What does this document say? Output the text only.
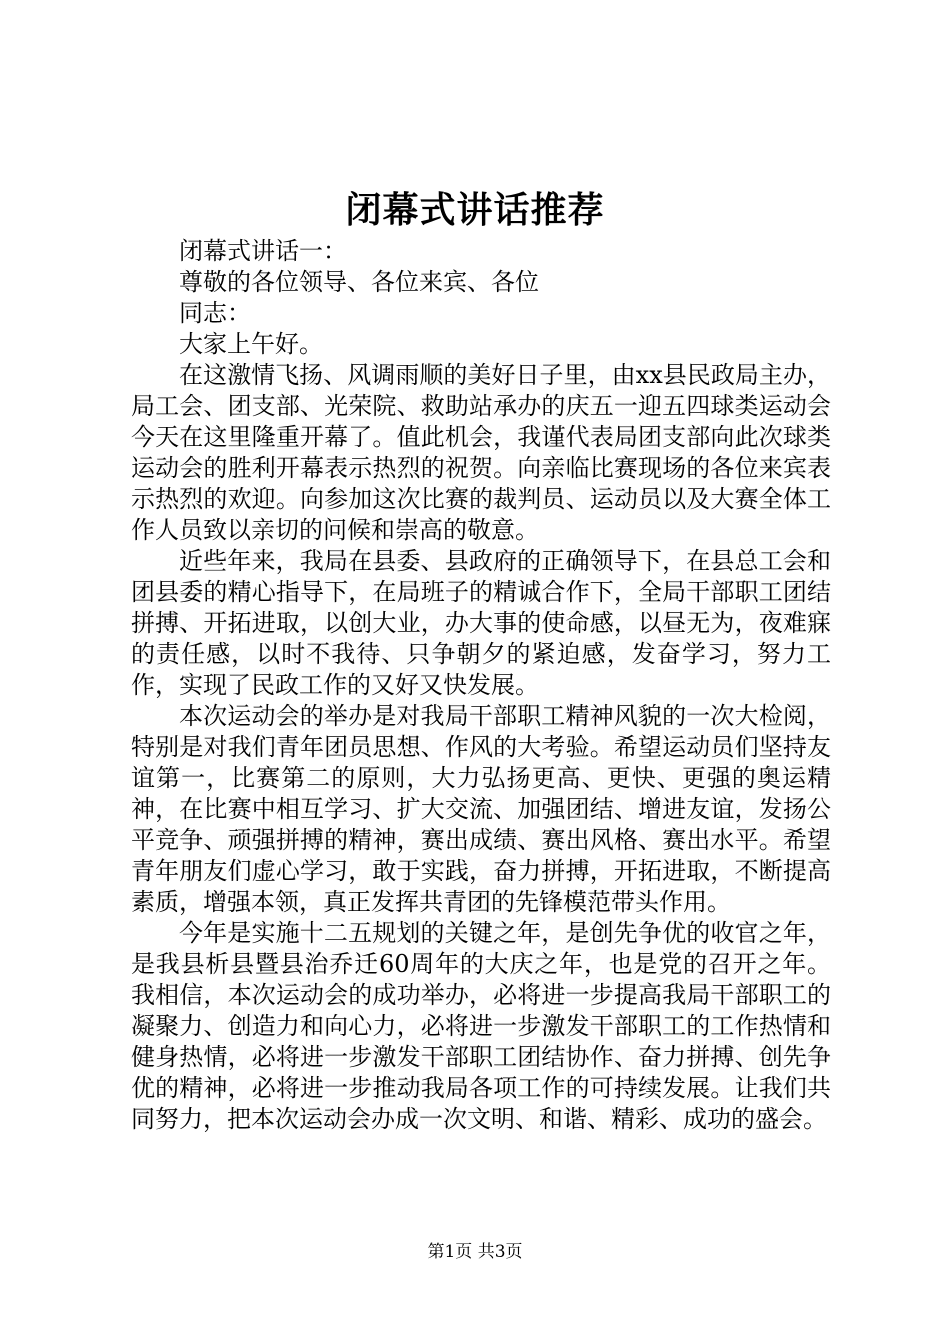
闭幕式讲话推荐

闭幕式讲话一：

尊敬的各位领导、各位来宾、各位

同志：

大家上午好。

在这激情飞扬、风调雨顺的美好日子里，由xx县民政局主办，局工会、团支部、光荣院、救助站承办的庆五一迎五四球类运动会今天在这里隆重开幕了。值此机会，我谨代表局团支部向此次球类运动会的胜利开幕表示热烈的祝贺。向亲临比赛现场的各位来宾表示热烈的欢迎。向参加这次比赛的裁判员、运动员以及大赛全体工作人员致以亲切的问候和崇高的敬意。

近些年来，我局在县委、县政府的正确领导下，在县总工会和团县委的精心指导下，在局班子的精诚合作下，全局干部职工团结拼搏、开拓进取，以创大业，办大事的使命感，以昼无为，夜难寐的责任感，以时不我待、只争朝夕的紧迫感，发奋学习，努力工作，实现了民政工作的又好又快发展。

本次运动会的举办是对我局干部职工精神风貌的一次大检阅，特别是对我们青年团员思想、作风的大考验。希望运动员们坚持友谊第一，比赛第二的原则，大力弘扬更高、更快、更强的奥运精神，在比赛中相互学习、扩大交流、加强团结、增进友谊，发扬公平竞争、顽强拼搏的精神，赛出成绩、赛出风格、赛出水平。希望青年朋友们虚心学习，敢于实践，奋力拼搏，开拓进取，不断提高素质，增强本领，真正发挥共青团的先锋模范带头作用。

今年是实施十二五规划的关键之年，是创先争优的收官之年，是我县析县暨县治乔迁60周年的大庆之年，也是党的召开之年。我相信，本次运动会的成功举办，必将进一步提高我局干部职工的凝聚力、创造力和向心力，必将进一步激发干部职工的工作热情和健身热情，必将进一步激发干部职工团结协作、奋力拼搏、创先争优的精神，必将进一步推动我局各项工作的可持续发展。让我们共同努力，把本次运动会办成一次文明、和谐、精彩、成功的盛会。

第1页 共3页
